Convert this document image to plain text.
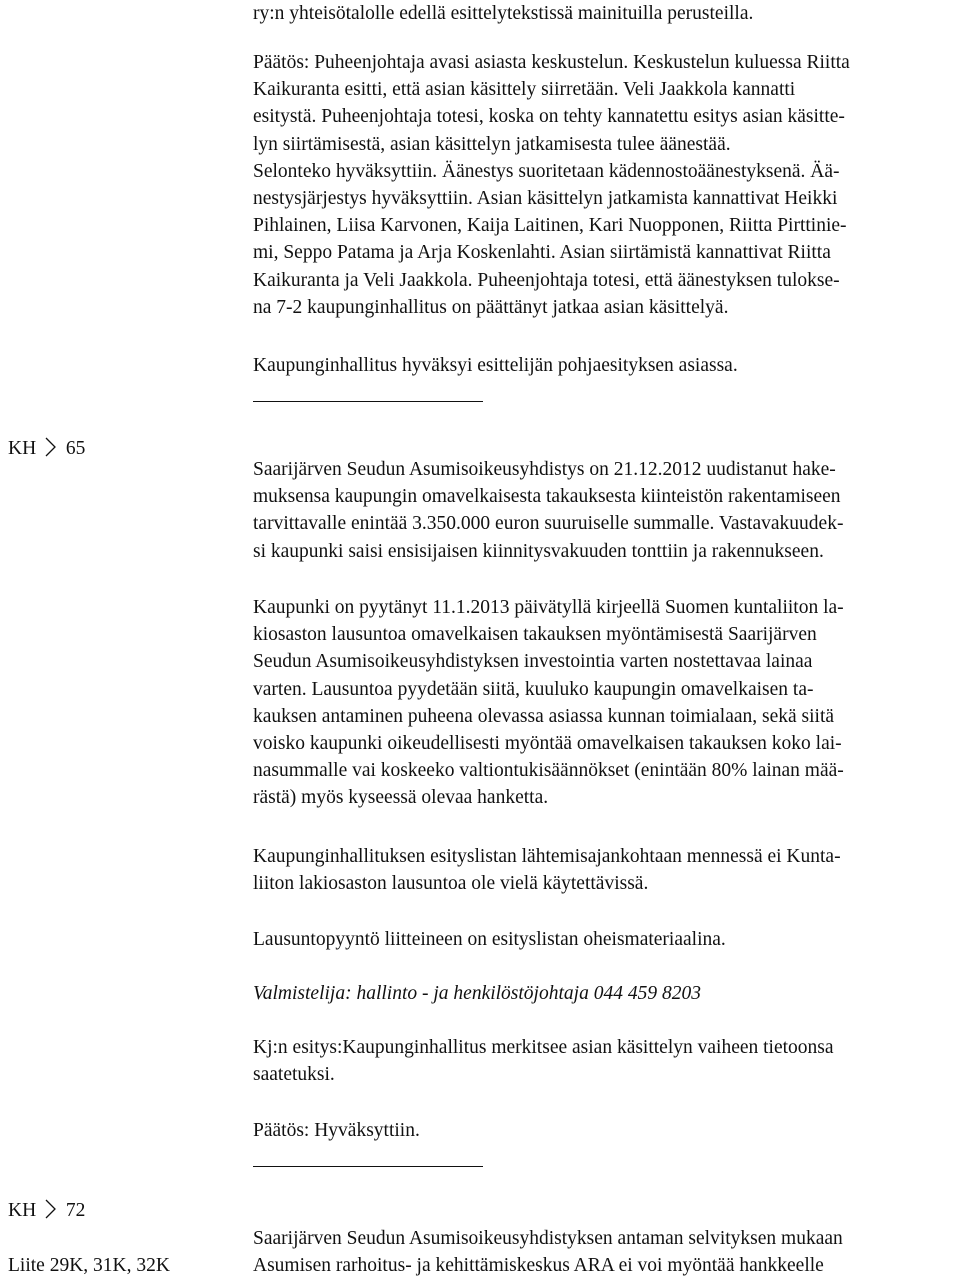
ry:n yhteisötalolle edellä esittelytekstissä mainituilla perusteilla.
Päätös: Puheenjohtaja avasi asiasta keskustelun. Keskustelun kuluessa Riitta
Kaikuranta esitti, että asian käsittely siirretään. Veli Jaakkola kannatti
esitystä. Puheenjohtaja totesi, koska on tehty kannatettu esitys asian käsitte-
lyn siirtämisestä, asian käsittelyn jatkamisesta tulee äänestää.
Selonteko hyväksyttiin. Äänestys suoritetaan kädennostoäänestyksenä. Ää-
nestysjärjestys hyväksyttiin. Asian käsittelyn jatkamista kannattivat Heikki
Pihlainen, Liisa Karvonen, Kaija Laitinen, Kari Nuopponen, Riitta Pirttinie-
mi, Seppo Patama ja Arja Koskenlahti. Asian siirtämistä kannattivat Riitta
Kaikuranta ja Veli Jaakkola. Puheenjohtaja totesi, että äänestyksen tulokse-
na 7-2 kaupunginhallitus on päättänyt jatkaa asian käsittelyä.
Kaupunginhallitus hyväksyi esittelijän pohjaesityksen asiassa.
KH 65
Saarijärven Seudun Asumisoikeusyhdistys on 21.12.2012 uudistanut hake-
muksensa kaupungin omavelkaisesta takauksesta kiinteistön rakentamiseen
tarvittavalle enintää 3.350.000 euron suuruiselle summalle. Vastavakuudek-
si kaupunki saisi ensisijaisen kiinnitysvakuuden tonttiin ja rakennukseen.
Kaupunki on pyytänyt 11.1.2013 päivätyllä kirjeellä Suomen kuntaliiton la-
kiosaston lausuntoa omavelkaisen takauksen myöntämisestä Saarijärven
Seudun Asumisoikeusyhdistyksen investointia varten nostettavaa lainaa
varten. Lausuntoa pyydetään siitä, kuuluko kaupungin omavelkaisen ta-
kauksen antaminen puheena olevassa asiassa kunnan toimialaan, sekä siitä
voisko kaupunki oikeudellisesti myöntää omavelkaisen takauksen koko lai-
nasummalle vai koskeeko valtiontukisäännökset (enintään 80% lainan mää-
rästä) myös kyseessä olevaa hanketta.
Kaupunginhallituksen esityslistan lähtemisajankohtaan mennessä ei Kunta-
liiton lakiosaston lausuntoa ole vielä käytettävissä.
Lausuntopyyntö liitteineen on esityslistan oheismateriaalina.
Valmistelija: hallinto - ja henkilöstöjohtaja 044 459 8203
Kj:n esitys:Kaupunginhallitus merkitsee asian käsittelyn vaiheen tietoonsa
saatetuksi.
Päätös: Hyväksyttiin.
KH 72
Liite 29K, 31K, 32K
Saarijärven Seudun Asumisoikeusyhdistyksen antaman selvityksen mukaan
Asumisen rarhoitus- ja kehittämiskeskus ARA ei voi myöntää hankkeelle
